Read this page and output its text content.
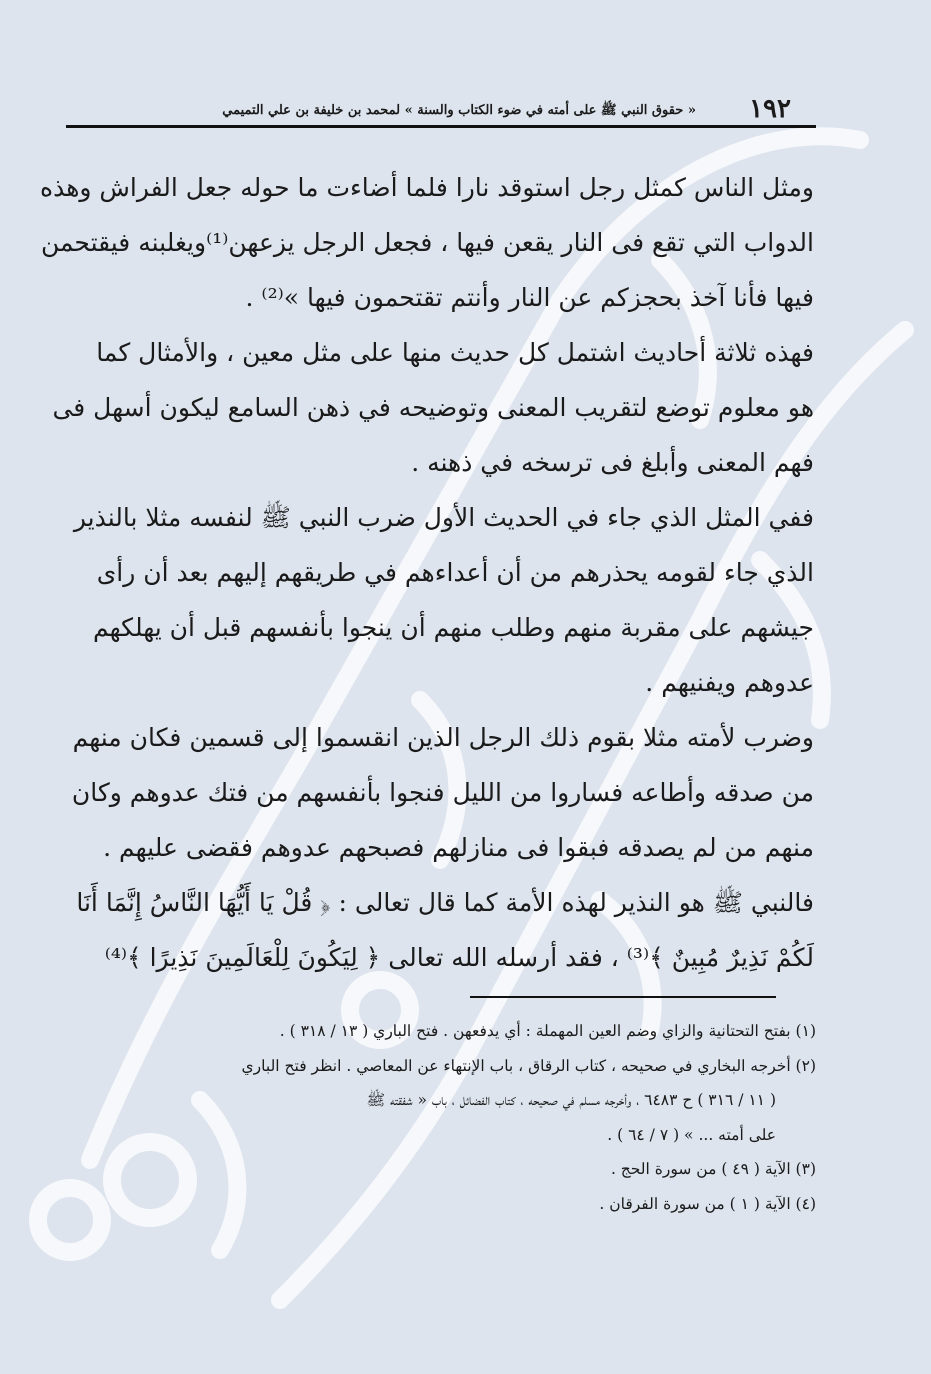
١٩٢
« حقوق النبي ﷺ على أمته في ضوء الكتاب والسنة » لمحمد بن خليفة بن علي التميمي
ومثل الناس كمثل رجل استوقد نارا فلما أضاءت ما حوله جعل الفراش وهذه
الدواب التي تقع فى النار يقعن فيها ، فجعل الرجل يزعهن⁽¹⁾ويغلبنه فيقتحمن
فيها فأنا آخذ بحجزكم عن النار وأنتم تقتحمون فيها »⁽²⁾ .
فهذه ثلاثة أحاديث اشتمل كل حديث منها على مثل معين ، والأمثال كما
هو معلوم توضع لتقريب المعنى وتوضيحه في ذهن السامع ليكون أسهل فى
فهم المعنى وأبلغ فى ترسخه في ذهنه .
ففي المثل الذي جاء في الحديث الأول ضرب النبي ﷺ لنفسه مثلا بالنذير
الذي جاء لقومه يحذرهم من أن أعداءهم في طريقهم إليهم بعد أن رأى
جيشهم على مقربة منهم وطلب منهم أن ينجوا بأنفسهم قبل أن يهلكهم
عدوهم ويفنيهم .
وضرب لأمته مثلا بقوم ذلك الرجل الذين انقسموا إلى قسمين فكان منهم
من صدقه وأطاعه فساروا من الليل فنجوا بأنفسهم من فتك عدوهم وكان
منهم من لم يصدقه فبقوا فى منازلهم فصبحهم عدوهم فقضى عليهم .
فالنبي ﷺ هو النذير لهذه الأمة كما قال تعالى : ﴿ قُلْ يَا أَيُّهَا النَّاسُ إِنَّمَا أَنَا
لَكُمْ نَذِيرٌ مُبِينٌ ﴾⁽³⁾ ، فقد أرسله الله تعالى ﴿ لِيَكُونَ لِلْعَالَمِينَ نَذِيرًا ﴾⁽⁴⁾
(١) بفتح التحتانية والزاي وضم العين المهملة : أي يدفعهن . فتح الباري ( ١٣ / ٣١٨ ) .
(٢) أخرجه البخاري في صحيحه ، كتاب الرقاق ، باب الإنتهاء عن المعاصي . انظر فتح الباري
( ١١ / ٣١٦ ) ح ٦٤٨٣ ، وأخرجه مسلم في صحيحه ، كتاب الفضائل ، باب « شفقته ﷺ
على أمته ... » ( ٧ / ٦٤ ) .
(٣) الآية ( ٤٩ ) من سورة الحج .
(٤) الآية ( ١ ) من سورة الفرقان .
